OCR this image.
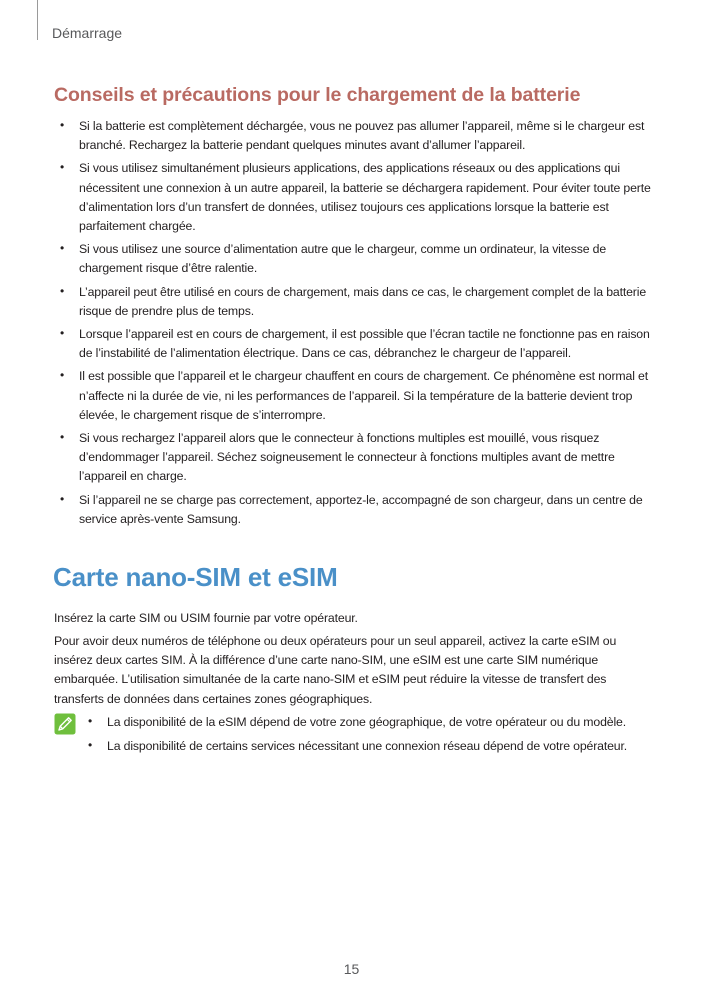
Démarrage
Conseils et précautions pour le chargement de la batterie
• Si la batterie est complètement déchargée, vous ne pouvez pas allumer l’appareil, même si le chargeur est branché. Rechargez la batterie pendant quelques minutes avant d’allumer l’appareil.
• Si vous utilisez simultanément plusieurs applications, des applications réseaux ou des applications qui nécessitent une connexion à un autre appareil, la batterie se déchargera rapidement. Pour éviter toute perte d’alimentation lors d’un transfert de données, utilisez toujours ces applications lorsque la batterie est parfaitement chargée.
• Si vous utilisez une source d’alimentation autre que le chargeur, comme un ordinateur, la vitesse de chargement risque d’être ralentie.
• L’appareil peut être utilisé en cours de chargement, mais dans ce cas, le chargement complet de la batterie risque de prendre plus de temps.
• Lorsque l’appareil est en cours de chargement, il est possible que l’écran tactile ne fonctionne pas en raison de l’instabilité de l’alimentation électrique. Dans ce cas, débranchez le chargeur de l’appareil.
• Il est possible que l’appareil et le chargeur chauffent en cours de chargement. Ce phénomène est normal et n’affecte ni la durée de vie, ni les performances de l’appareil. Si la température de la batterie devient trop élevée, le chargement risque de s’interrompre.
• Si vous rechargez l’appareil alors que le connecteur à fonctions multiples est mouillé, vous risquez d’endommager l’appareil. Séchez soigneusement le connecteur à fonctions multiples avant de mettre l’appareil en charge.
• Si l’appareil ne se charge pas correctement, apportez-le, accompagné de son chargeur, dans un centre de service après-vente Samsung.
Carte nano-SIM et eSIM

Insérez la carte SIM ou USIM fournie par votre opérateur.

Pour avoir deux numéros de téléphone ou deux opérateurs pour un seul appareil, activez la carte eSIM ou insérez deux cartes SIM. À la différence d’une carte nano-SIM, une eSIM est une carte SIM numérique embarquée. L’utilisation simultanée de la carte nano-SIM et eSIM peut réduire la vitesse de transfert des transferts de données dans certaines zones géographiques.

• La disponibilité de la eSIM dépend de votre zone géographique, de votre opérateur ou du modèle.
• La disponibilité de certains services nécessitant une connexion réseau dépend de votre opérateur.
15
